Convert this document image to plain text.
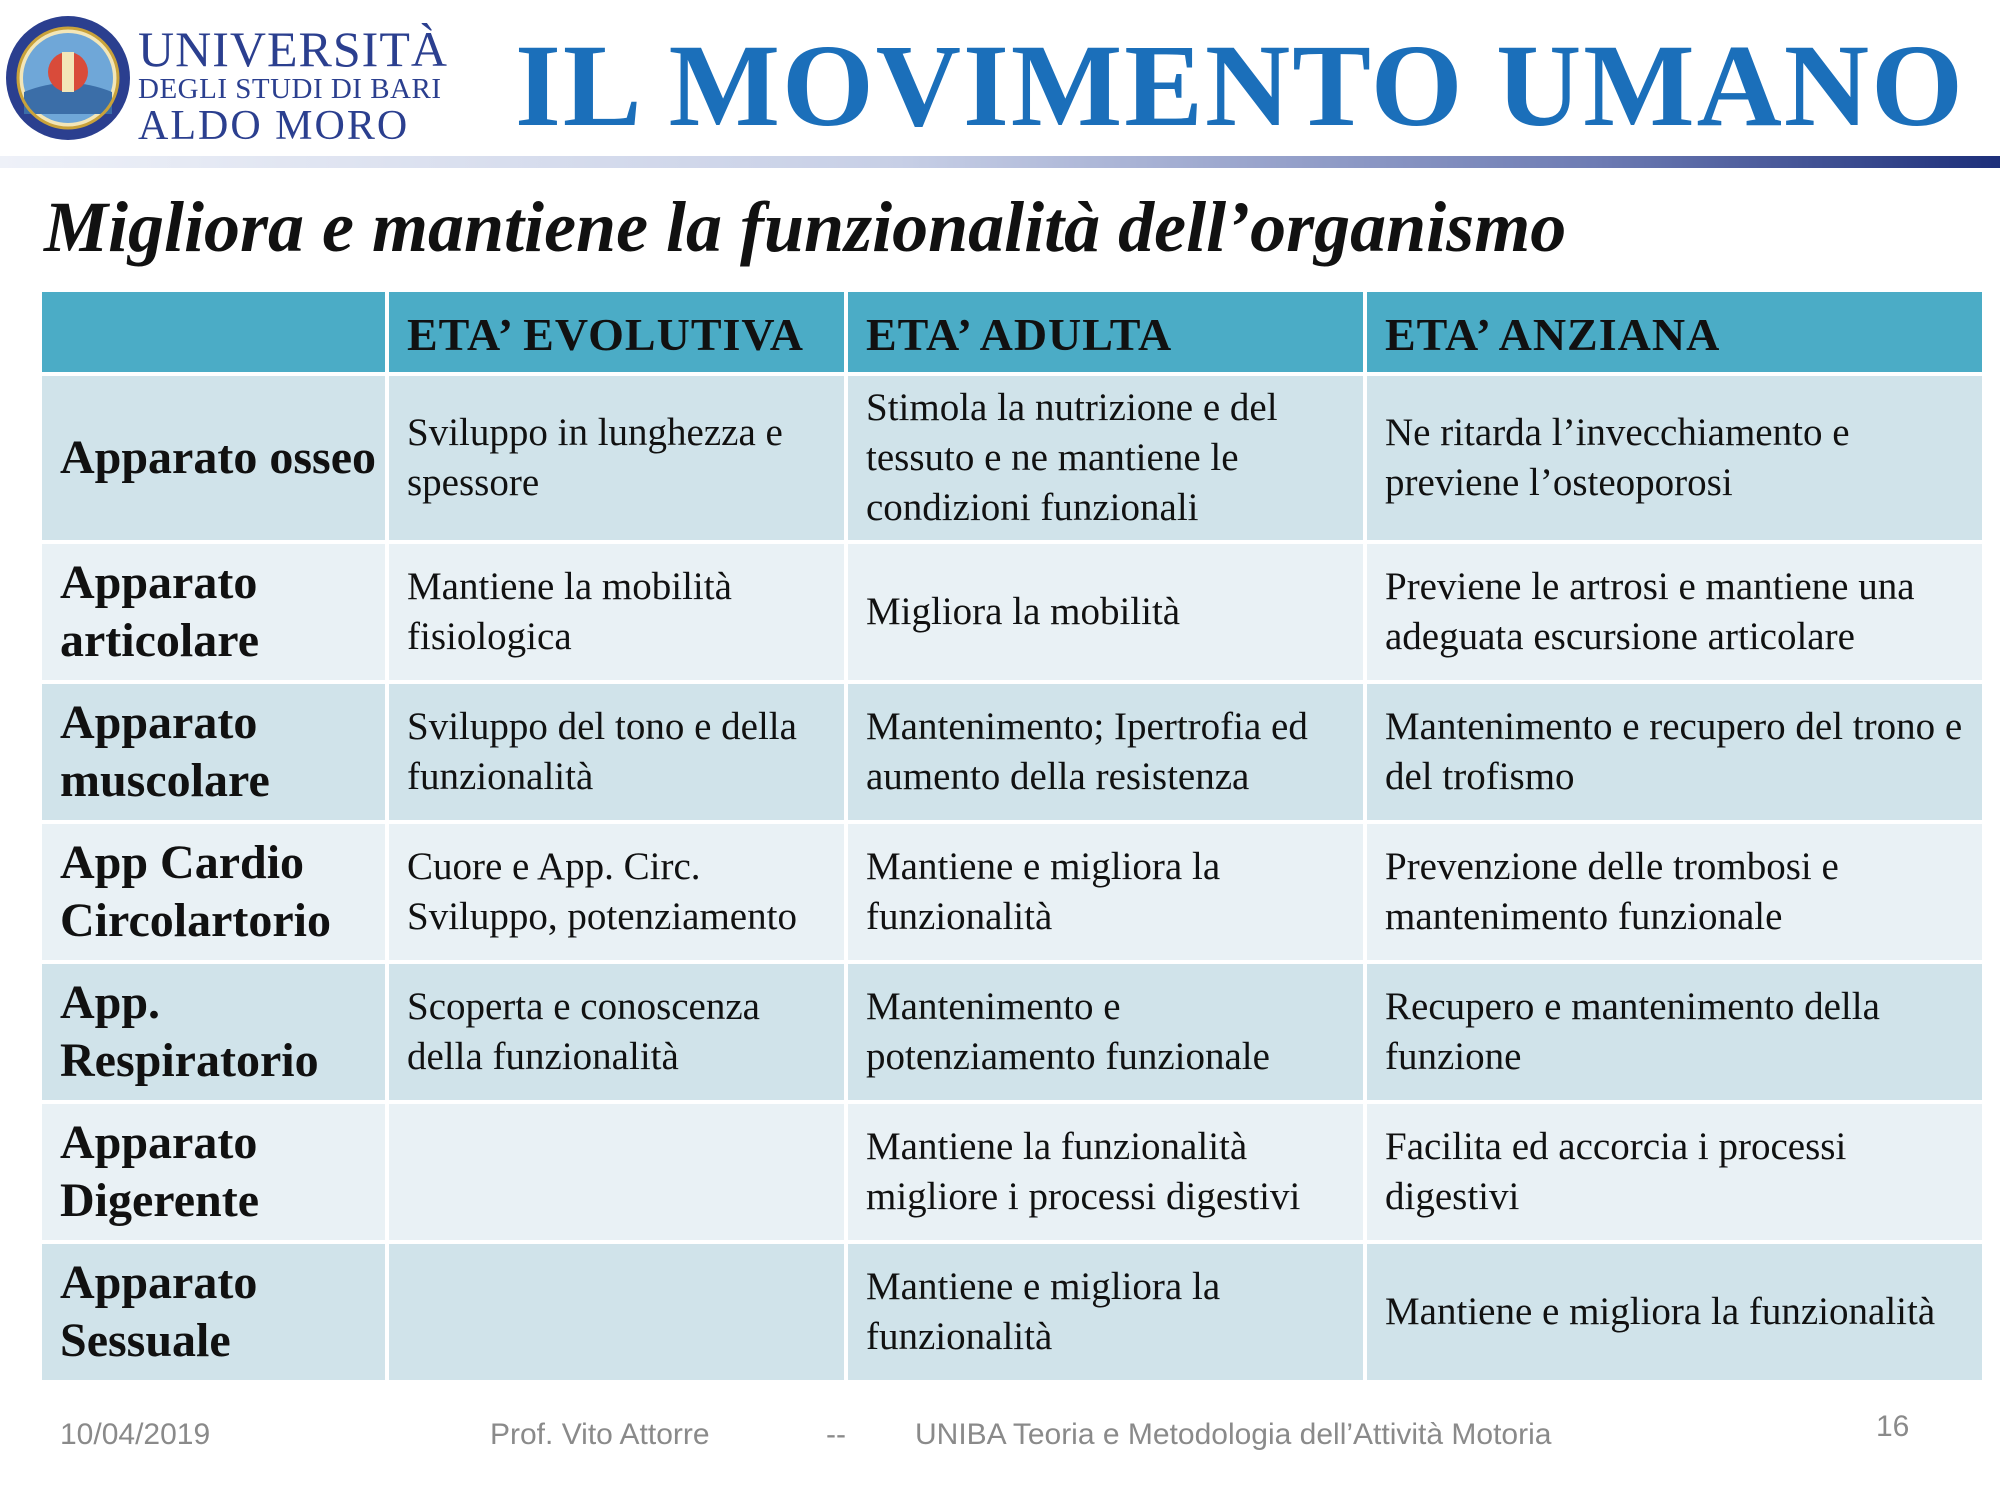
UNIVERSITÀ
DEGLI STUDI DI BARI
ALDO MORO IL MOVIMENTO UMANO
Migliora e mantiene la funzionalità dell’organismo
	ETA’ EVOLUTIVA	ETA’ ADULTA	ETA’ ANZIANA
Apparato osseo	Sviluppo in lunghezza e spessore	Stimola la nutrizione e del tessuto e ne mantiene le condizioni funzionali	Ne ritarda l’invecchiamento e previene l’osteoporosi
Apparato articolare	Mantiene la mobilità fisiologica	Migliora la mobilità	Previene le artrosi e mantiene una adeguata escursione articolare
Apparato muscolare	Sviluppo del tono e della funzionalità	Mantenimento; Ipertrofia ed aumento della resistenza	Mantenimento e recupero del trono e del trofismo
App Cardio Circolartorio	Cuore e App. Circ. Sviluppo, potenziamento	Mantiene e migliora la funzionalità	Prevenzione delle trombosi e mantenimento funzionale
App. Respiratorio	Scoperta e conoscenza della funzionalità	Mantenimento e potenziamento funzionale	Recupero e mantenimento della funzione
Apparato Digerente		Mantiene la funzionalità migliore i processi digestivi	Facilita ed accorcia i processi digestivi
Apparato Sessuale		Mantiene e migliora la funzionalità	Mantiene e migliora la funzionalità
10/04/2019	Prof. Vito Attorre	-- UNIBA Teoria e Metodologia dell’Attività Motoria	16
